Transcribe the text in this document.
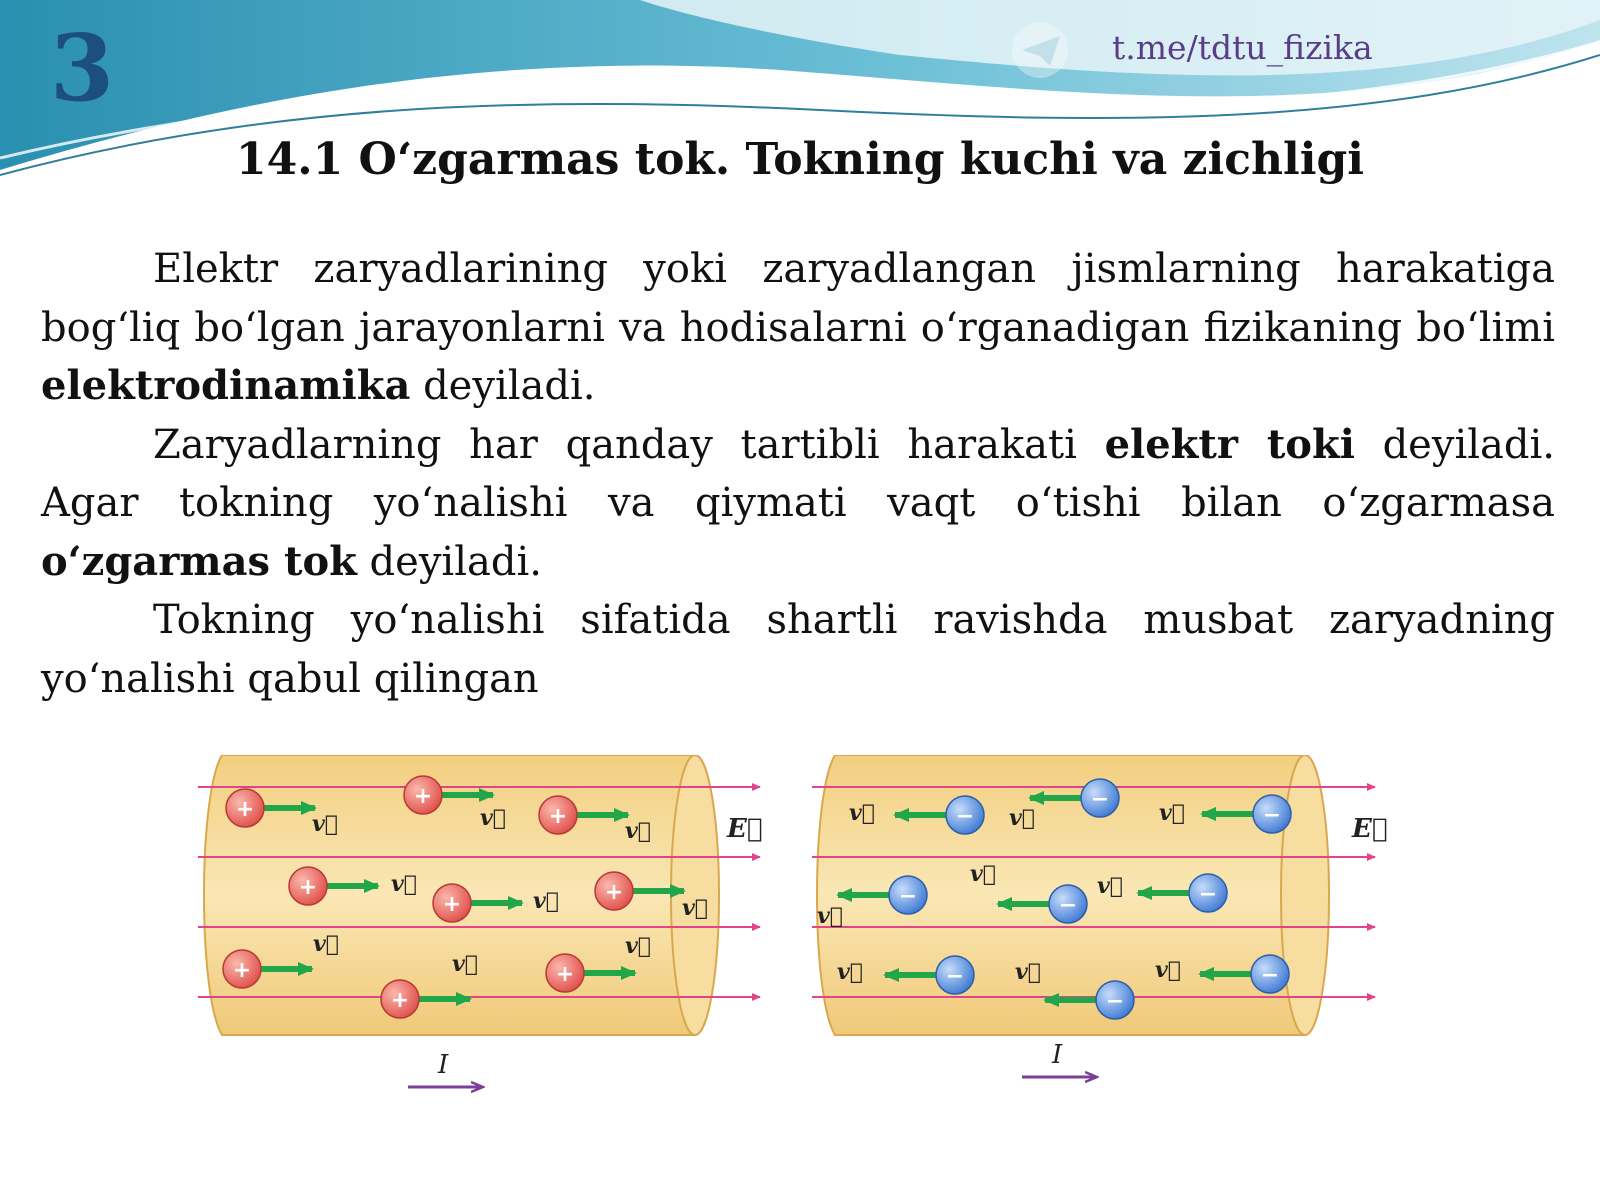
3	t.me/tdtu_fizika
14.1 O‘zgarmas tok. Tokning kuchi va zichligi

Elektr zaryadlarining yoki zaryadlangan jismlarning harakatiga bog‘liq bo‘lgan jarayonlarni va hodisalarni o‘rganadigan fizikaning bo‘limi elektrodinamika deyiladi.

Zaryadlarning har qanday tartibli harakati elektr toki deyiladi. Agar tokning yo‘nalishi va qiymati vaqt o‘tishi bilan o‘zgarmasa o‘zgarmas tok deyiladi.

Tokning yo‘nalishi sifatida shartli ravishda musbat zaryadning yo‘nalishi qabul qilingan

+
v⃗
+
v⃗ +
v⃗
+	v⃗
+	v⃗ +
v⃗
+
v⃗
+
v⃗	+
v⃗
E⃗
I
−
v⃗
−
v⃗	−
v⃗
−
v⃗	−
v⃗
−
v⃗
−
v⃗
−
v⃗	−
v⃗
E⃗
I
